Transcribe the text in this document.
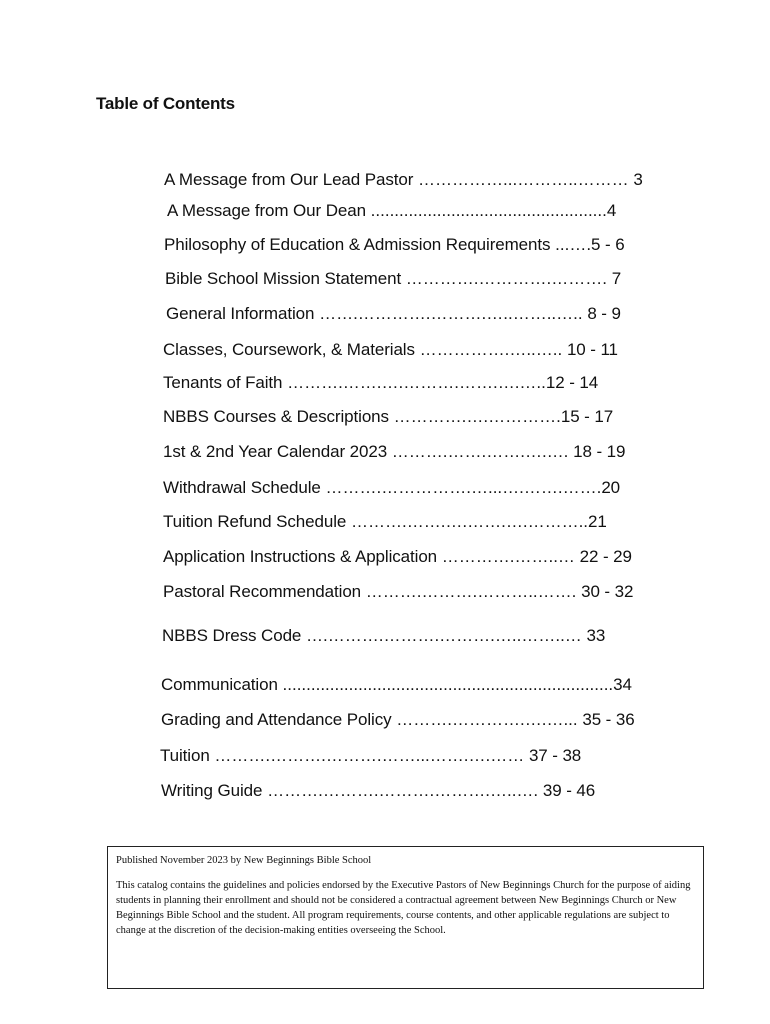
Table of Contents
A Message from Our Lead Pastor ……………...………..……… 3
A Message from Our Dean ..................................................4
Philosophy of Education & Admission Requirements ...….5 - 6
Bible School Mission Statement ………….………….………. 7
General Information …….………….……….…..……..….. 8 - 9
Classes, Coursework, & Materials …………….…..….. 10 - 11
Tenants of Faith ……….…….….……….…….….…..12 - 14
NBBS Courses & Descriptions ………….….………….15 - 17
1st & 2nd Year Calendar 2023 ……….…….…….….…. 18 - 19
Withdrawal Schedule ……….…………….…...….…….…….20
Tuition Refund Schedule ……….…….….…….….………..21
Application Instructions & Application ………….……..… 22 - 29
Pastoral Recommendation ……….……….………..……. 30 - 32
NBBS Dress Code ….……….……….……….…..……..… 33
Communication ......................................................................34
Grading and Attendance Policy ……….………….….…... 35 - 36
Tuition ……….……….……….……...…….….…… 37 - 38
Writing Guide ……….……….……….……….…..…. 39 - 46

Published November 2023 by New Beginnings Bible School

This catalog contains the guidelines and policies endorsed by the Executive Pastors of New Beginnings Church for the purpose of aiding students in planning their enrollment and should not be considered a contractual agreement between New Beginnings Church or New Beginnings Bible School and the student. All program requirements, course contents, and other applicable regulations are subject to change at the discretion of the decision-making entities overseeing the School.
